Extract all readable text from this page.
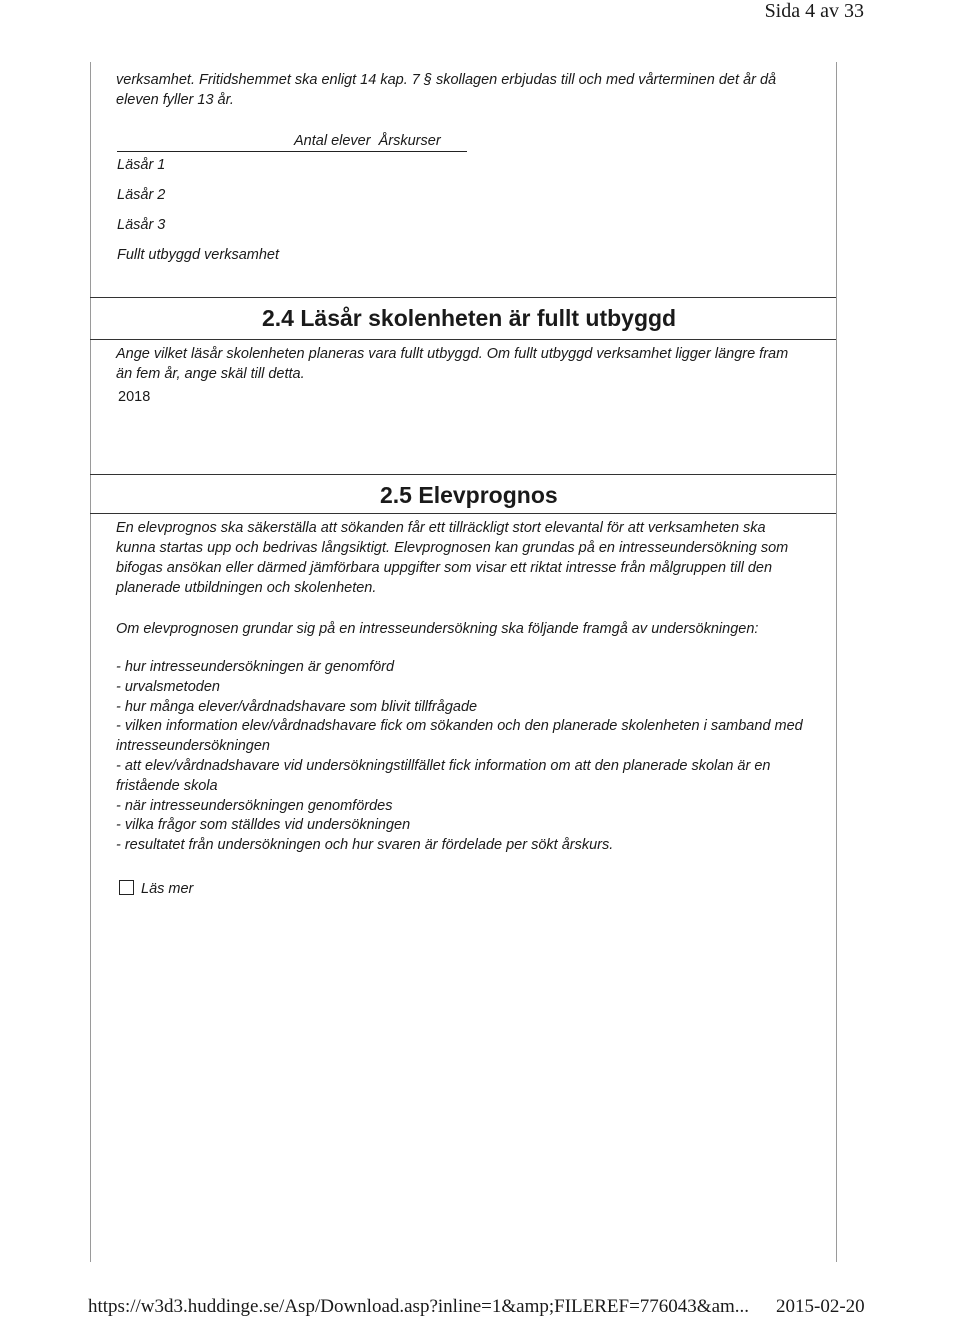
Sida 4 av 33
verksamhet. Fritidshemmet ska enligt 14 kap. 7 § skollagen erbjudas till och med vårterminen det år då
eleven fyller 13 år.
Antal elever Årskurser
Läsår 1
Läsår 2
Läsår 3
Fullt utbyggd verksamhet
2.4 Läsår skolenheten är fullt utbyggd
Ange vilket läsår skolenheten planeras vara fullt utbyggd. Om fullt utbyggd verksamhet ligger längre fram
än fem år, ange skäl till detta.
2018
2.5 Elevprognos
En elevprognos ska säkerställa att sökanden får ett tillräckligt stort elevantal för att verksamheten ska
kunna startas upp och bedrivas långsiktigt. Elevprognosen kan grundas på en intresseundersökning som
bifogas ansökan eller därmed jämförbara uppgifter som visar ett riktat intresse från målgruppen till den
planerade utbildningen och skolenheten.
Om elevprognosen grundar sig på en intresseundersökning ska följande framgå av undersökningen:

- hur intresseundersökningen är genomförd

- urvalsmetoden

- hur många elever/vårdnadshavare som blivit tillfrågade

- vilken information elev/vårdnadshavare fick om sökanden och den planerade skolenheten i samband med

intresseundersökningen

- att elev/vårdnadshavare vid undersökningstillfället fick information om att den planerade skolan är en

fristående skola

- när intresseundersökningen genomfördes

- vilka frågor som ställdes vid undersökningen

- resultatet från undersökningen och hur svaren är fördelade per sökt årskurs.

Läs mer
https://w3d3.huddinge.se/Asp/Download.asp?inline=1&amp;FILEREF=776043&am... 2015-02-20
